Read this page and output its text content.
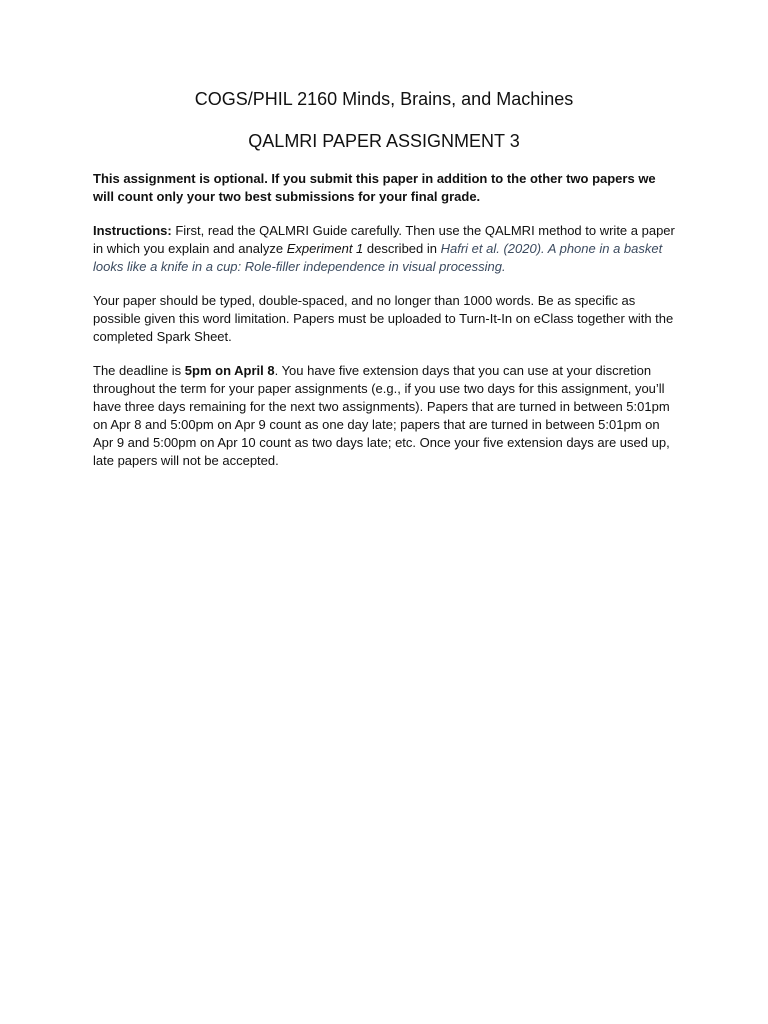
COGS/PHIL 2160 Minds, Brains, and Machines
QALMRI PAPER ASSIGNMENT 3

This assignment is optional. If you submit this paper in addition to the other two papers we will count only your two best submissions for your final grade.

Instructions: First, read the QALMRI Guide carefully. Then use the QALMRI method to write a paper in which you explain and analyze Experiment 1 described in Hafri et al. (2020). A phone in a basket looks like a knife in a cup: Role-filler independence in visual processing.

Your paper should be typed, double-spaced, and no longer than 1000 words. Be as specific as possible given this word limitation. Papers must be uploaded to Turn-It-In on eClass together with the completed Spark Sheet.

The deadline is 5pm on April 8. You have five extension days that you can use at your discretion throughout the term for your paper assignments (e.g., if you use two days for this assignment, you’ll have three days remaining for the next two assignments). Papers that are turned in between 5:01pm on Apr 8 and 5:00pm on Apr 9 count as one day late; papers that are turned in between 5:01pm on Apr 9 and 5:00pm on Apr 10 count as two days late; etc. Once your five extension days are used up, late papers will not be accepted.
